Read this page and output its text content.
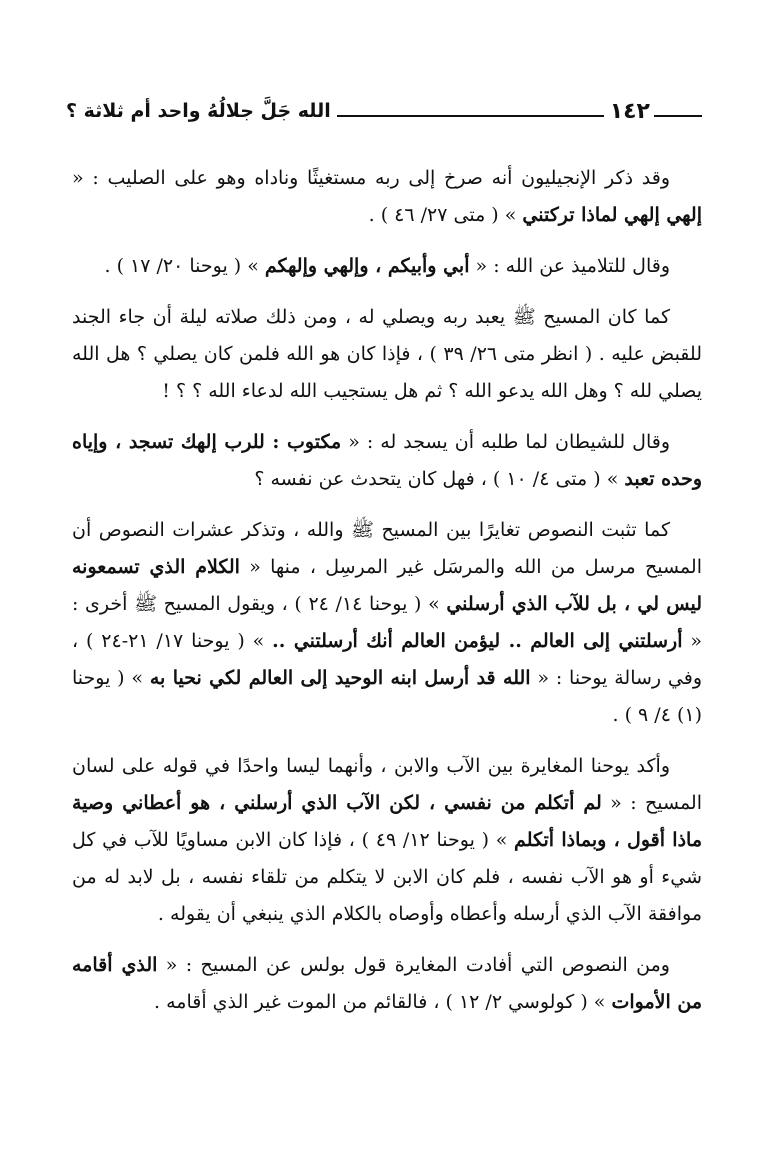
الله جَلَّ جلالُهُ واحد أم ثلاثة ؟	١٤٢

وقد ذكر الإنجيليون أنه صرخ إلى ربه مستغيثًا وناداه وهو على الصليب : « إلهي إلهي لماذا تركتني » ( متى ٢٧/ ٤٦ ) .

وقال للتلاميذ عن الله : « أبي وأبيكم ، وإلهي وإلهكم » ( يوحنا ٢٠/ ١٧ ) .

كما كان المسيح ﷺ يعبد ربه ويصلي له ، ومن ذلك صلاته ليلة أن جاء الجند للقبض عليه . ( انظر متى ٢٦/ ٣٩ ) ، فإذا كان هو الله فلمن كان يصلي ؟ هل الله يصلي لله ؟ وهل الله يدعو الله ؟ ثم هل يستجيب الله لدعاء الله ؟ ؟ !

وقال للشيطان لما طلبه أن يسجد له : « مكتوب : للرب إلهك تسجد ، وإياه وحده تعبد » ( متى ٤/ ١٠ ) ، فهل كان يتحدث عن نفسه ؟

كما تثبت النصوص تغايرًا بين المسيح ﷺ والله ، وتذكر عشرات النصوص أن المسيح مرسل من الله والمرسَل غير المرسِل ، منها « الكلام الذي تسمعونه ليس لي ، بل للآب الذي أرسلني » ( يوحنا ١٤/ ٢٤ ) ، ويقول المسيح ﷺ أخرى : « أرسلتني إلى العالم .. ليؤمن العالم أنك أرسلتني .. » ( يوحنا ١٧/ ٢١-٢٤ ) ، وفي رسالة يوحنا : « الله قد أرسل ابنه الوحيد إلى العالم لكي نحيا به » ( يوحنا (١) ٤/ ٩ ) .

وأكد يوحنا المغايرة بين الآب والابن ، وأنهما ليسا واحدًا في قوله على لسان المسيح : « لم أتكلم من نفسي ، لكن الآب الذي أرسلني ، هو أعطاني وصية ماذا أقول ، وبماذا أتكلم » ( يوحنا ١٢/ ٤٩ ) ، فإذا كان الابن مساويًا للآب في كل شيء أو هو الآب نفسه ، فلم كان الابن لا يتكلم من تلقاء نفسه ، بل لابد له من موافقة الآب الذي أرسله وأعطاه وأوصاه بالكلام الذي ينبغي أن يقوله .

ومن النصوص التي أفادت المغايرة قول بولس عن المسيح : « الذي أقامه من الأموات » ( كولوسي ٢/ ١٢ ) ، فالقائم من الموت غير الذي أقامه .
